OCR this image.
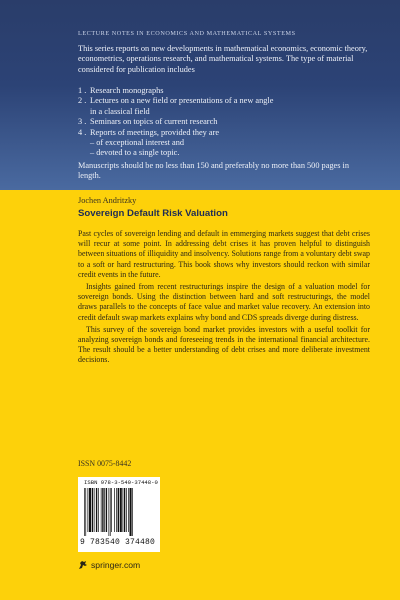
LECTURE NOTES IN ECONOMICS AND MATHEMATICAL SYSTEMS
This series reports on new developments in mathematical economics, economic theory, econometrics, operations research, and mathematical systems. The type of material considered for publication includes
1 . Research monographs
2 . Lectures on a new field or presentations of a new angle
in a classical field
3 . Seminars on topics of current research
4 . Reports of meetings, provided they are
– of exceptional interest and
– devoted to a single topic.
Manuscripts should be no less than 150 and preferably no more than 500 pages in length.
Jochen Andritzky
Sovereign Default Risk Valuation

Past cycles of sovereign lending and default in emmerging markets suggest that debt crises will recur at some point. In addressing debt crises it has proven helpful to distinguish between situations of illiquidity and insolvency. Solutions range from a voluntary debt swap to a soft or hard restructuring. This book shows why investors should reckon with similar credit events in the future.

Insights gained from recent restructurings inspire the design of a valuation model for sovereign bonds. Using the distinction between hard and soft restructurings, the model draws parallels to the concepts of face value and market value recovery. An extension into credit default swap markets explains why bond and CDS spreads diverge during distress.

This survey of the sovereign bond market provides investors with a useful toolkit for analyzing sovereign bonds and foreseeing trends in the international financial architecture. The result should be a better understanding of debt crises and more deliberate investment decisions.

ISSN 0075-8442
ISBN 978-3-540-37448-0
9 783540 374480
springer.com
